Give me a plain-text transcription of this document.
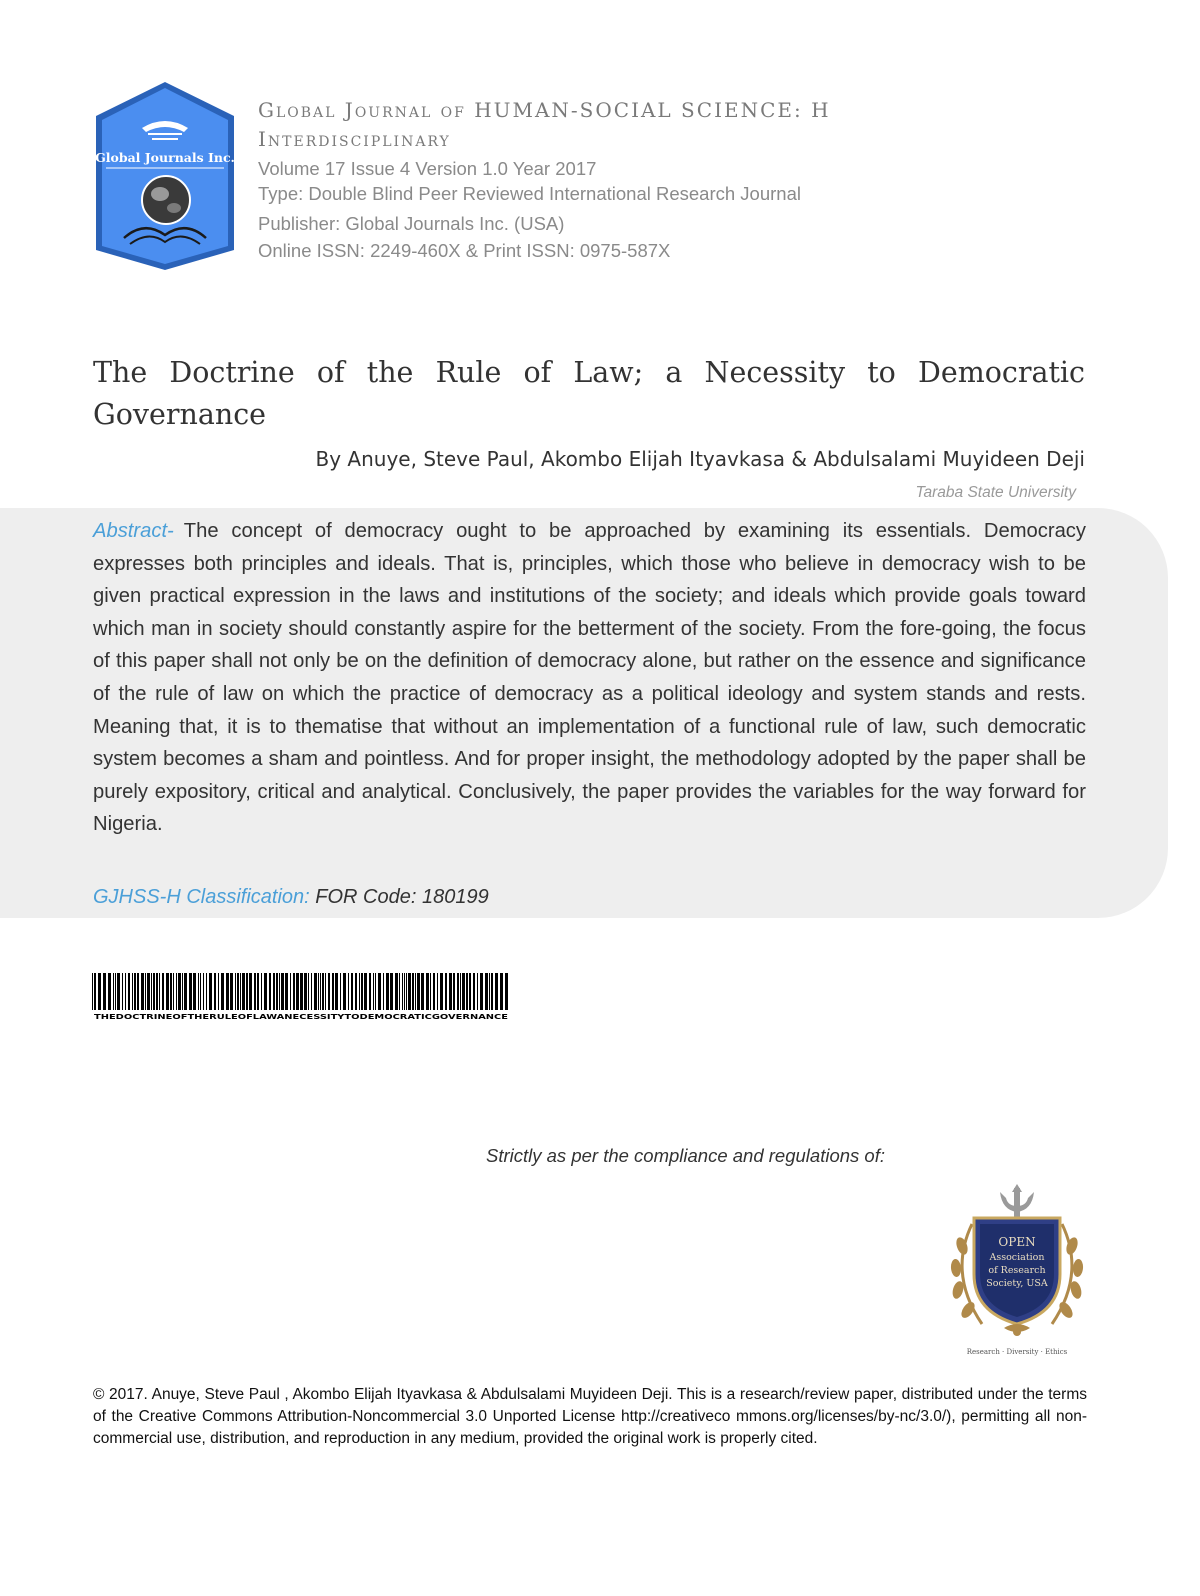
Global Journals Inc.
Global Journal of HUMAN-SOCIAL SCIENCE: H
Interdisciplinary
Volume 17 Issue 4 Version 1.0 Year 2017
Type: Double Blind Peer Reviewed International Research Journal
Publisher: Global Journals Inc. (USA)
Online ISSN: 2249-460X & Print ISSN: 0975-587X
The Doctrine of the Rule of Law; a Necessity to Democratic Governance
By Anuye, Steve Paul, Akombo Elijah Ityavkasa & Abdulsalami Muyideen Deji
Taraba State University
Abstract- The concept of democracy ought to be approached by examining its essentials. Democracy expresses both principles and ideals. That is, principles, which those who believe in democracy wish to be given practical expression in the laws and institutions of the society; and ideals which provide goals toward which man in society should constantly aspire for the betterment of the society. From the fore-going, the focus of this paper shall not only be on the definition of democracy alone, but rather on the essence and significance of the rule of law on which the practice of democracy as a political ideology and system stands and rests. Meaning that, it is to thematise that without an implementation of a functional rule of law, such democratic system becomes a sham and pointless. And for proper insight, the methodology adopted by the paper shall be purely expository, critical and analytical. Conclusively, the paper provides the variables for the way forward for Nigeria.
GJHSS-H Classification: FOR Code: 180199
THEDOCTRINEOFTHERULEOFLAWANECESSITYTODEMOCRATICGOVERNANCE
Strictly as per the compliance and regulations of:
OPEN
Association
of Research
Society, USA
Research · Diversity · Ethics
© 2017. Anuye, Steve Paul , Akombo Elijah Ityavkasa & Abdulsalami Muyideen Deji. This is a research/review paper, distributed under the terms of the Creative Commons Attribution-Noncommercial 3.0 Unported License http://creativeco mmons.org/licenses/by-nc/3.0/), permitting all non-commercial use, distribution, and reproduction in any medium, provided the original work is properly cited.
